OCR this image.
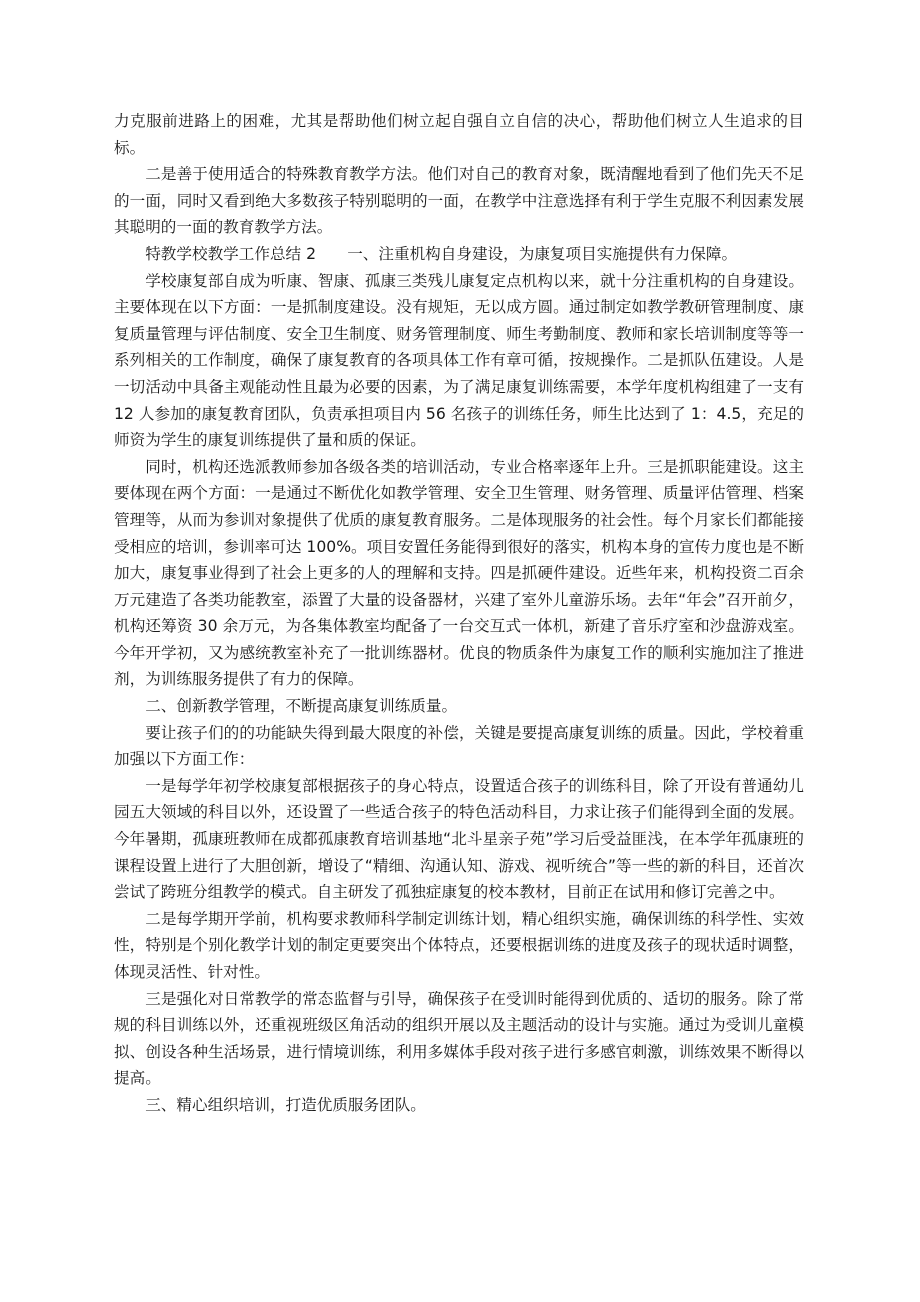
力克服前进路上的困难，尤其是帮助他们树立起自强自立自信的决心，帮助他们树立人生追求的目标。

二是善于使用适合的特殊教育教学方法。他们对自己的教育对象，既清醒地看到了他们先天不足的一面，同时又看到绝大多数孩子特别聪明的一面，在教学中注意选择有利于学生克服不利因素发展其聪明的一面的教育教学方法。

特教学校教学工作总结 2　　一、注重机构自身建设，为康复项目实施提供有力保障。

学校康复部自成为听康、智康、孤康三类残儿康复定点机构以来，就十分注重机构的自身建设。主要体现在以下方面：一是抓制度建设。没有规矩，无以成方圆。通过制定如教学教研管理制度、康复质量管理与评估制度、安全卫生制度、财务管理制度、师生考勤制度、教师和家长培训制度等等一系列相关的工作制度，确保了康复教育的各项具体工作有章可循，按规操作。二是抓队伍建设。人是一切活动中具备主观能动性且最为必要的因素，为了满足康复训练需要，本学年度机构组建了一支有 12 人参加的康复教育团队，负责承担项目内 56 名孩子的训练任务，师生比达到了 1：4.5，充足的师资为学生的康复训练提供了量和质的保证。

同时，机构还选派教师参加各级各类的培训活动，专业合格率逐年上升。三是抓职能建设。这主要体现在两个方面：一是通过不断优化如教学管理、安全卫生管理、财务管理、质量评估管理、档案管理等，从而为参训对象提供了优质的康复教育服务。二是体现服务的社会性。每个月家长们都能接受相应的培训，参训率可达 100%。项目安置任务能得到很好的落实，机构本身的宣传力度也是不断加大，康复事业得到了社会上更多的人的理解和支持。四是抓硬件建设。近些年来，机构投资二百余万元建造了各类功能教室，添置了大量的设备器材，兴建了室外儿童游乐场。去年“年会”召开前夕，机构还筹资 30 余万元，为各集体教室均配备了一台交互式一体机，新建了音乐疗室和沙盘游戏室。今年开学初，又为感统教室补充了一批训练器材。优良的物质条件为康复工作的顺利实施加注了推进剂，为训练服务提供了有力的保障。

二、创新教学管理，不断提高康复训练质量。

要让孩子们的的功能缺失得到最大限度的补偿，关键是要提高康复训练的质量。因此，学校着重加强以下方面工作：

一是每学年初学校康复部根据孩子的身心特点，设置适合孩子的训练科目，除了开设有普通幼儿园五大领域的科目以外，还设置了一些适合孩子的特色活动科目，力求让孩子们能得到全面的发展。今年暑期，孤康班教师在成都孤康教育培训基地“北斗星亲子苑”学习后受益匪浅，在本学年孤康班的课程设置上进行了大胆创新，增设了“精细、沟通认知、游戏、视听统合”等一些的新的科目，还首次尝试了跨班分组教学的模式。自主研发了孤独症康复的校本教材，目前正在试用和修订完善之中。

二是每学期开学前，机构要求教师科学制定训练计划，精心组织实施，确保训练的科学性、实效性，特别是个别化教学计划的制定更要突出个体特点，还要根据训练的进度及孩子的现状适时调整，体现灵活性、针对性。

三是强化对日常教学的常态监督与引导，确保孩子在受训时能得到优质的、适切的服务。除了常规的科目训练以外，还重视班级区角活动的组织开展以及主题活动的设计与实施。通过为受训儿童模拟、创设各种生活场景，进行情境训练，利用多媒体手段对孩子进行多感官刺激，训练效果不断得以提高。

三、精心组织培训，打造优质服务团队。
